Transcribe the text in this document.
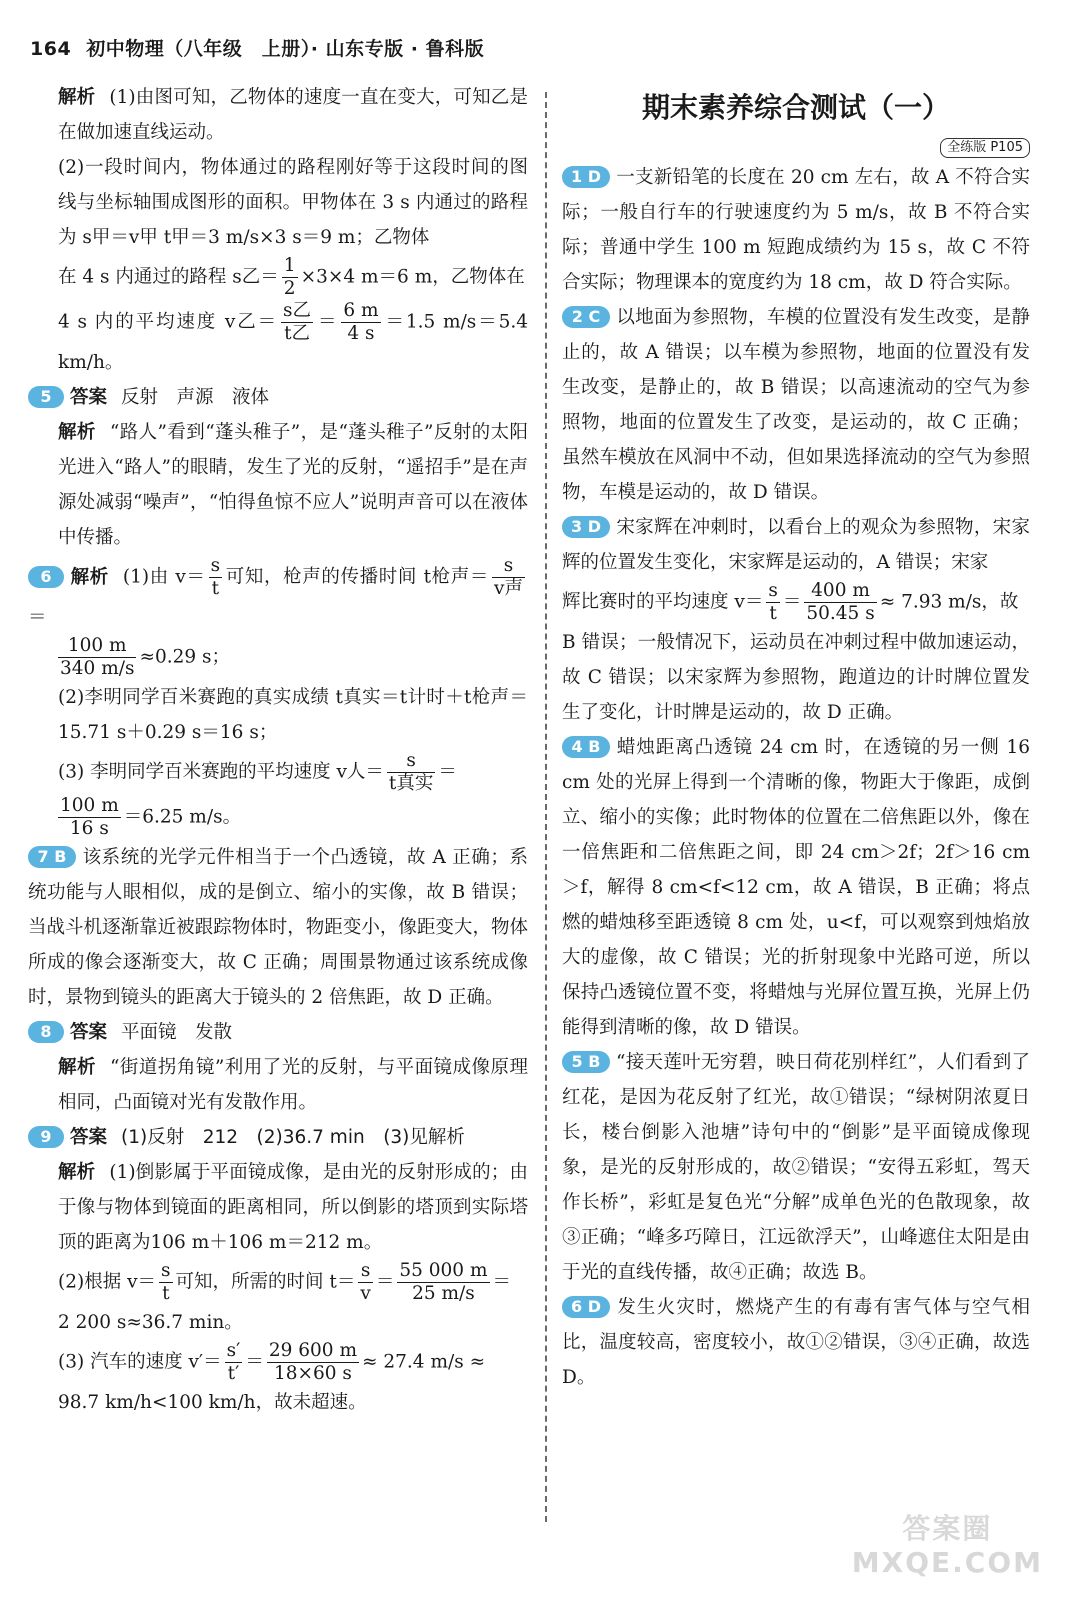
164 初中物理（八年级　上册）· 山东专版 · 鲁科版

解析 (1)由图可知，乙物体的速度一直在变大，可知乙是在做加速直线运动。

(2)一段时间内，物体通过的路程刚好等于这段时间的图线与坐标轴围成图形的面积。甲物体在 3 s 内通过的路程为 s甲＝v甲 t甲＝3 m/s×3 s＝9 m；乙物体

在 4 s 内通过的路程 s乙＝ $\frac{1}{2} \times 3\times 4$ m＝6 m，乙物体在

4 s 内的平均速度 v乙＝ $\frac{\text{s乙}}{\text{t乙}} = \frac{6 m}{4 s} =1.5$ m/s＝5.4 km/h。

5 答案 反射　声源　液体

解析 “路人”看到“蓬头稚子”，是“蓬头稚子”反射的太阳光进入“路人”的眼睛，发生了光的反射，“遥招手”是在声源处减弱“噪声”，“怕得鱼惊不应人”说明声音可以在液体中传播。

6 解析 (1)由 $v= \frac{s}{t}$ 可知，枪声的传播时间 t枪声＝ $\frac{s}{\text{v声}}$
＝

$\frac{100 m}{340 m/s} \approx 0.29$ s；

(2)李明同学百米赛跑的真实成绩 t真实＝t计时＋t枪声＝15.71 s＋0.29 s＝16 s；

(3) 李明同学百米赛跑的平均速度 v人＝ $\frac{s}{\text{t真实}}$ ＝

$\frac{100 m}{16 s} =6.25$ m/s。

7 B 该系统的光学元件相当于一个凸透镜，故 A 正确；系统功能与人眼相似，成的是倒立、缩小的实像，故 B 错误；当战斗机逐渐靠近被跟踪物体时，物距变小，像距变大，物体所成的像会逐渐变大，故 C 正确；周围景物通过该系统成像时，景物到镜头的距离大于镜头的 2 倍焦距，故 D 正确。

8 答案 平面镜　发散

解析 “街道拐角镜”利用了光的反射，与平面镜成像原理相同，凸面镜对光有发散作用。

9 答案 (1)反射　212　(2)36.7 min　(3)见解析

解析 (1)倒影属于平面镜成像，是由光的反射形成的；由于像与物体到镜面的距离相同，所以倒影的塔顶到实际塔顶的距离为106 m＋106 m＝212 m。

(2)根据 $v= \frac{s}{t}$ 可知，所需的时间 $t= \frac{s}{v} = \frac{55 000 m}{25 m/s}$ ＝

2 200 s≈36.7 min。

(3) 汽车的速度 $v'= \frac{s'}{t'} = \frac{29 600 m}{18\times 60 s} \approx 27.4$ m/s ≈

98.7 km/h<100 km/h，故未超速。

期末素养综合测试（一）
全练版 P105

1 D 一支新铅笔的长度在 20 cm 左右，故 A 不符合实际；一般自行车的行驶速度约为 5 m/s，故 B 不符合实际；普通中学生 100 m 短跑成绩约为 15 s，故 C 不符合实际；物理课本的宽度约为 18 cm，故 D 符合实际。

2 C 以地面为参照物，车模的位置没有发生改变，是静止的，故 A 错误；以车模为参照物，地面的位置没有发生改变，是静止的，故 B 错误；以高速流动的空气为参照物，地面的位置发生了改变，是运动的，故 C 正确；虽然车模放在风洞中不动，但如果选择流动的空气为参照物，车模是运动的，故 D 错误。

3 D 宋家辉在冲刺时，以看台上的观众为参照物，宋家辉的位置发生变化，宋家辉是运动的，A 错误；宋家

辉比赛时的平均速度 $v= \frac{s}{t} = \frac{400 m}{50.45 s} \approx 7.93$ m/s，故

B 错误；一般情况下，运动员在冲刺过程中做加速运动，故 C 错误；以宋家辉为参照物，跑道边的计时牌位置发生了变化，计时牌是运动的，故 D 正确。

4 B 蜡烛距离凸透镜 24 cm 时，在透镜的另一侧 16 cm 处的光屏上得到一个清晰的像，物距大于像距，成倒立、缩小的实像；此时物体的位置在二倍焦距以外，像在一倍焦距和二倍焦距之间，即 24 cm＞2f；2f＞16 cm＞f，解得 8 cm<f<12 cm，故 A 错误，B 正确；将点燃的蜡烛移至距透镜 8 cm 处，u<f，可以观察到烛焰放大的虚像，故 C 错误；光的折射现象中光路可逆，所以保持凸透镜位置不变，将蜡烛与光屏位置互换，光屏上仍能得到清晰的像，故 D 错误。

5 B “接天莲叶无穷碧，映日荷花别样红”，人们看到了红花，是因为花反射了红光，故①错误；“绿树阴浓夏日长，楼台倒影入池塘”诗句中的“倒影”是平面镜成像现象，是光的反射形成的，故②错误；“安得五彩虹，驾天作长桥”，彩虹是复色光“分解”成单色光的色散现象，故③正确；“峰多巧障日，江远欲浮天”，山峰遮住太阳是由于光的直线传播，故④正确；故选 B。

6 D 发生火灾时，燃烧产生的有毒有害气体与空气相比，温度较高，密度较小，故①②错误，③④正确，故选 D。

答案圈
MXQE.COM
